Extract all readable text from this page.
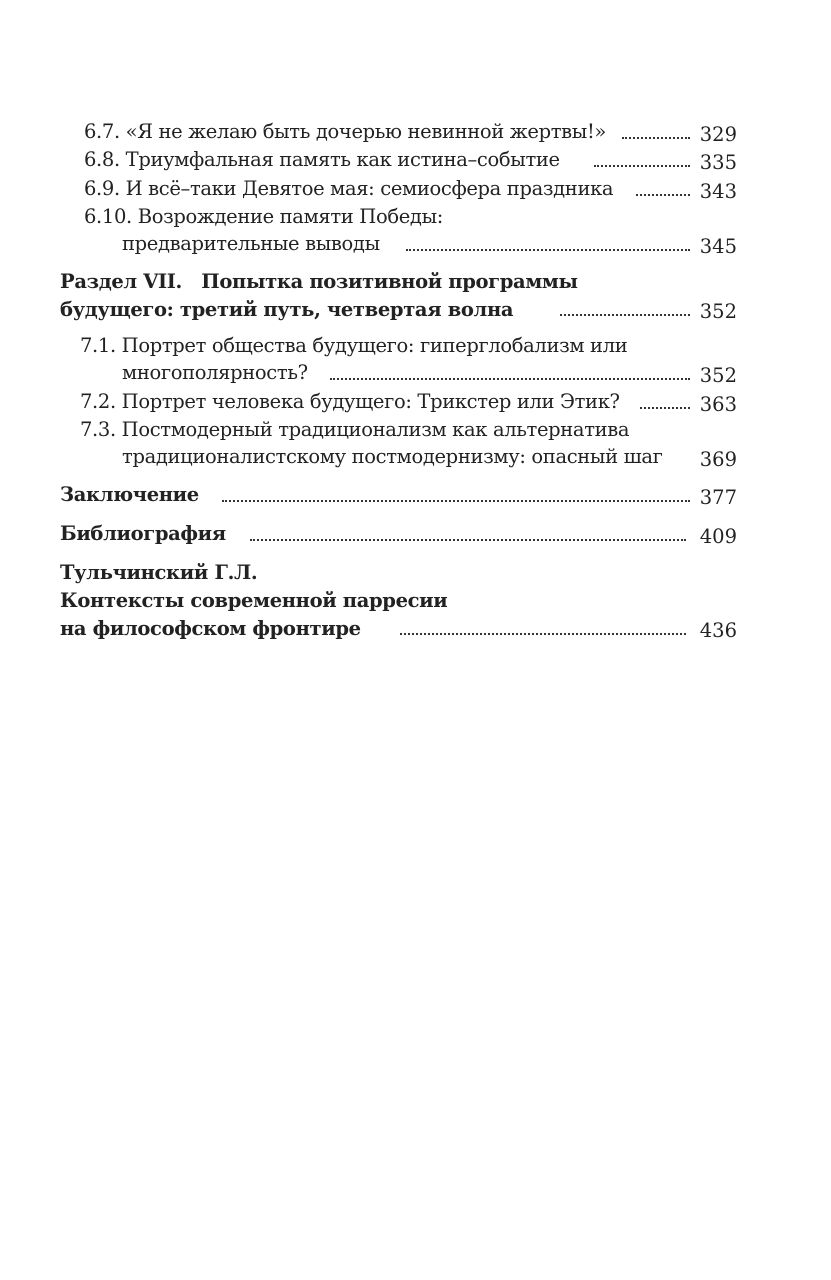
6.7. «Я не желаю быть дочерью невинной жертвы!»	329
6.8. Триумфальная память как истина–событие	335
6.9. И всё–таки Девятое мая: семиосфера праздника	343
6.10. Возрождение памяти Победы:
предварительные выводы	345
Раздел VII.   Попытка позитивной программы
будущего: третий путь, четвертая волна	352
7.1. Портрет общества будущего: гиперглобализм или
многополярность?	352
7.2. Портрет человека будущего: Трикстер или Этик?	363
7.3. Постмодерный традиционализм как альтернатива
традиционалистскому постмодернизму: опасный шаг 369
Заключение	377
Библиография	409
Тульчинский Г.Л.
Контексты современной парресии
на философском фронтире	436
